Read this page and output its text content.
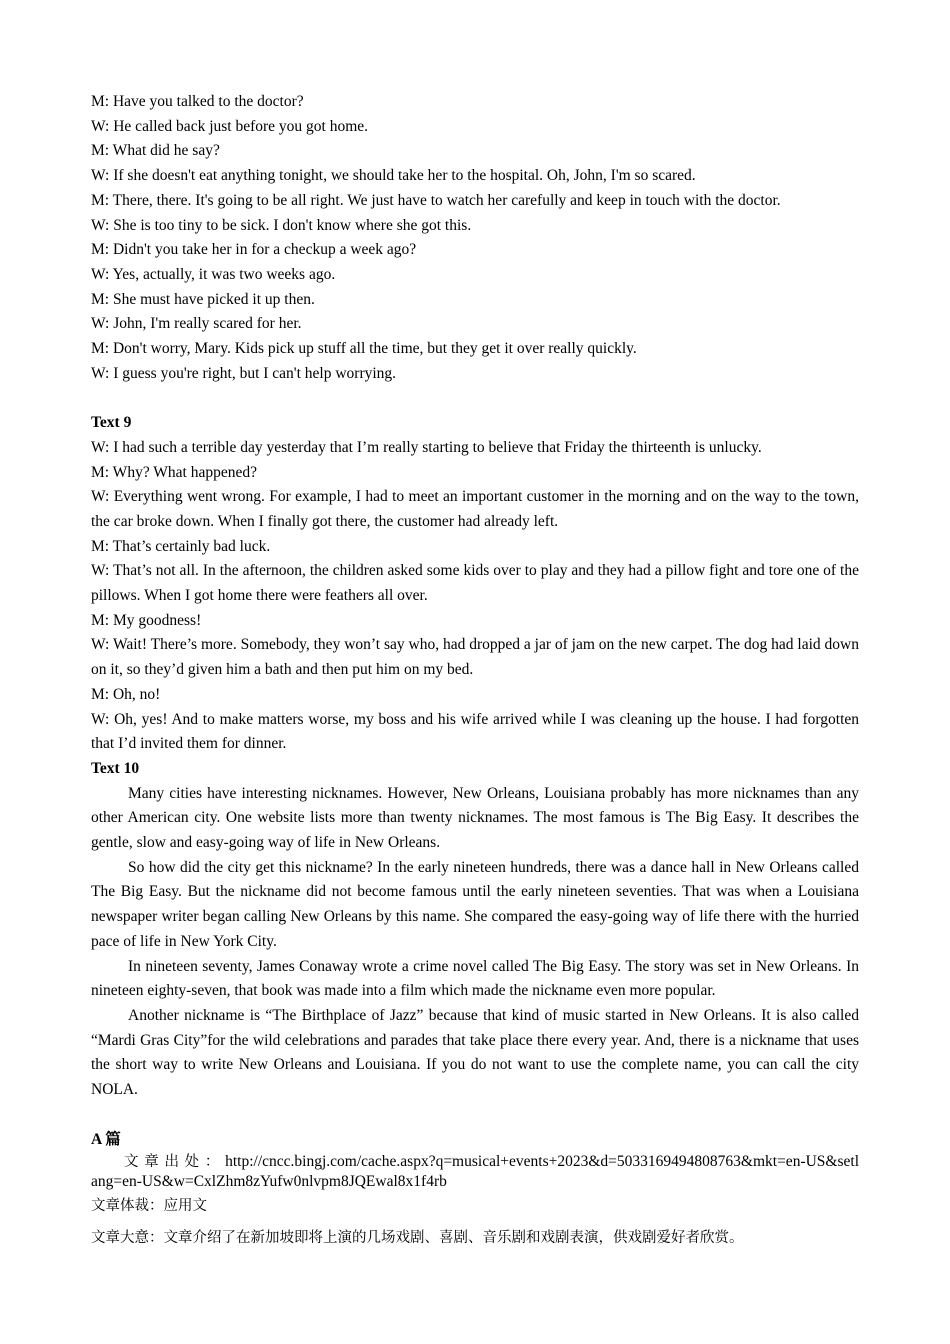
M: Have you talked to the doctor?
W: He called back just before you got home.
M: What did he say?
W: If she doesn't eat anything tonight, we should take her to the hospital. Oh, John, I'm so scared.
M: There, there. It's going to be all right. We just have to watch her carefully and keep in touch with the doctor.
W: She is too tiny to be sick. I don't know where she got this.
M: Didn't you take her in for a checkup a week ago?
W: Yes, actually, it was two weeks ago.
M: She must have picked it up then.
W: John, I'm really scared for her.
M: Don't worry, Mary. Kids pick up stuff all the time, but they get it over really quickly.
W: I guess you're right, but I can't help worrying.
Text 9
W: I had such a terrible day yesterday that I’m really starting to believe that Friday the thirteenth is unlucky.
M: Why? What happened?
W: Everything went wrong. For example, I had to meet an important customer in the morning and on the way to the town, the car broke down. When I finally got there, the customer had already left.
M: That’s certainly bad luck.
W: That’s not all. In the afternoon, the children asked some kids over to play and they had a pillow fight and tore one of the pillows. When I got home there were feathers all over.
M: My goodness!
W: Wait! There’s more. Somebody, they won’t say who, had dropped a jar of jam on the new carpet. The dog had laid down on it, so they’d given him a bath and then put him on my bed.
M: Oh, no!
W: Oh, yes! And to make matters worse, my boss and his wife arrived while I was cleaning up the house. I had forgotten that I’d invited them for dinner.
Text 10
Many cities have interesting nicknames. However, New Orleans, Louisiana probably has more nicknames than any other American city. One website lists more than twenty nicknames. The most famous is The Big Easy. It describes the gentle, slow and easy-going way of life in New Orleans.
So how did the city get this nickname? In the early nineteen hundreds, there was a dance hall in New Orleans called The Big Easy. But the nickname did not become famous until the early nineteen seventies. That was when a Louisiana newspaper writer began calling New Orleans by this name. She compared the easy-going way of life there with the hurried pace of life in New York City.
In nineteen seventy, James Conaway wrote a crime novel called The Big Easy. The story was set in New Orleans. In nineteen eighty-seven, that book was made into a film which made the nickname even more popular.
Another nickname is “The Birthplace of Jazz” because that kind of music started in New Orleans. It is also called “Mardi Gras City”for the wild celebrations and parades that take place there every year. And, there is a nickname that uses the short way to write New Orleans and Louisiana. If you do not want to use the complete name, you can call the city NOLA.
A 篇
文章出处：http://cncc.bingj.com/cache.aspx?q=musical+events+2023&d=5033169494808763&mkt=en-US&setlang=en-US&w=CxlZhm8zYufw0nlvpm8JQEwal8x1f4rb
文章体裁：应用文
文章大意：文章介绍了在新加坡即将上演的几场戏剧、喜剧、音乐剧和戏剧表演，供戏剧爱好者欣赏。
